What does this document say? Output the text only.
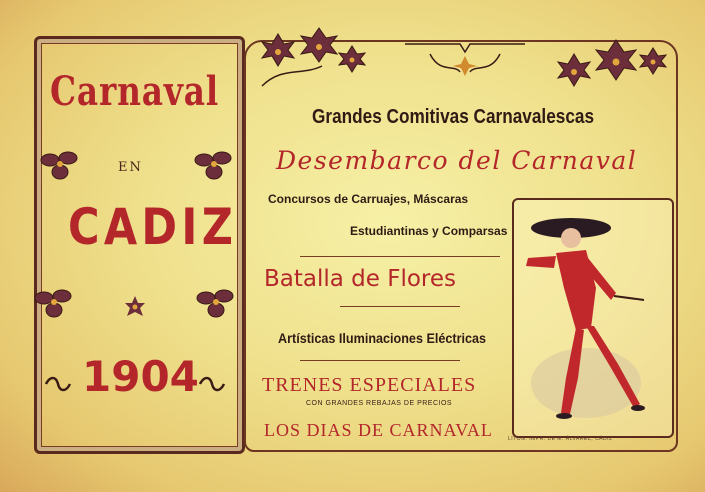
Carnaval
EN
CADIZ
1904
Grandes Comitivas Carnavalescas
Desembarco del Carnaval
Concursos de Carruajes, Máscaras
Estudiantinas y Comparsas
Batalla de Flores
Artísticas Iluminaciones Eléctricas
TRENES ESPECIALES
CON GRANDES REBAJAS DE PRECIOS
LOS DIAS DE CARNAVAL	LITOG. IMPR. DE M. ÁLVAREZ, CÁDIZ
